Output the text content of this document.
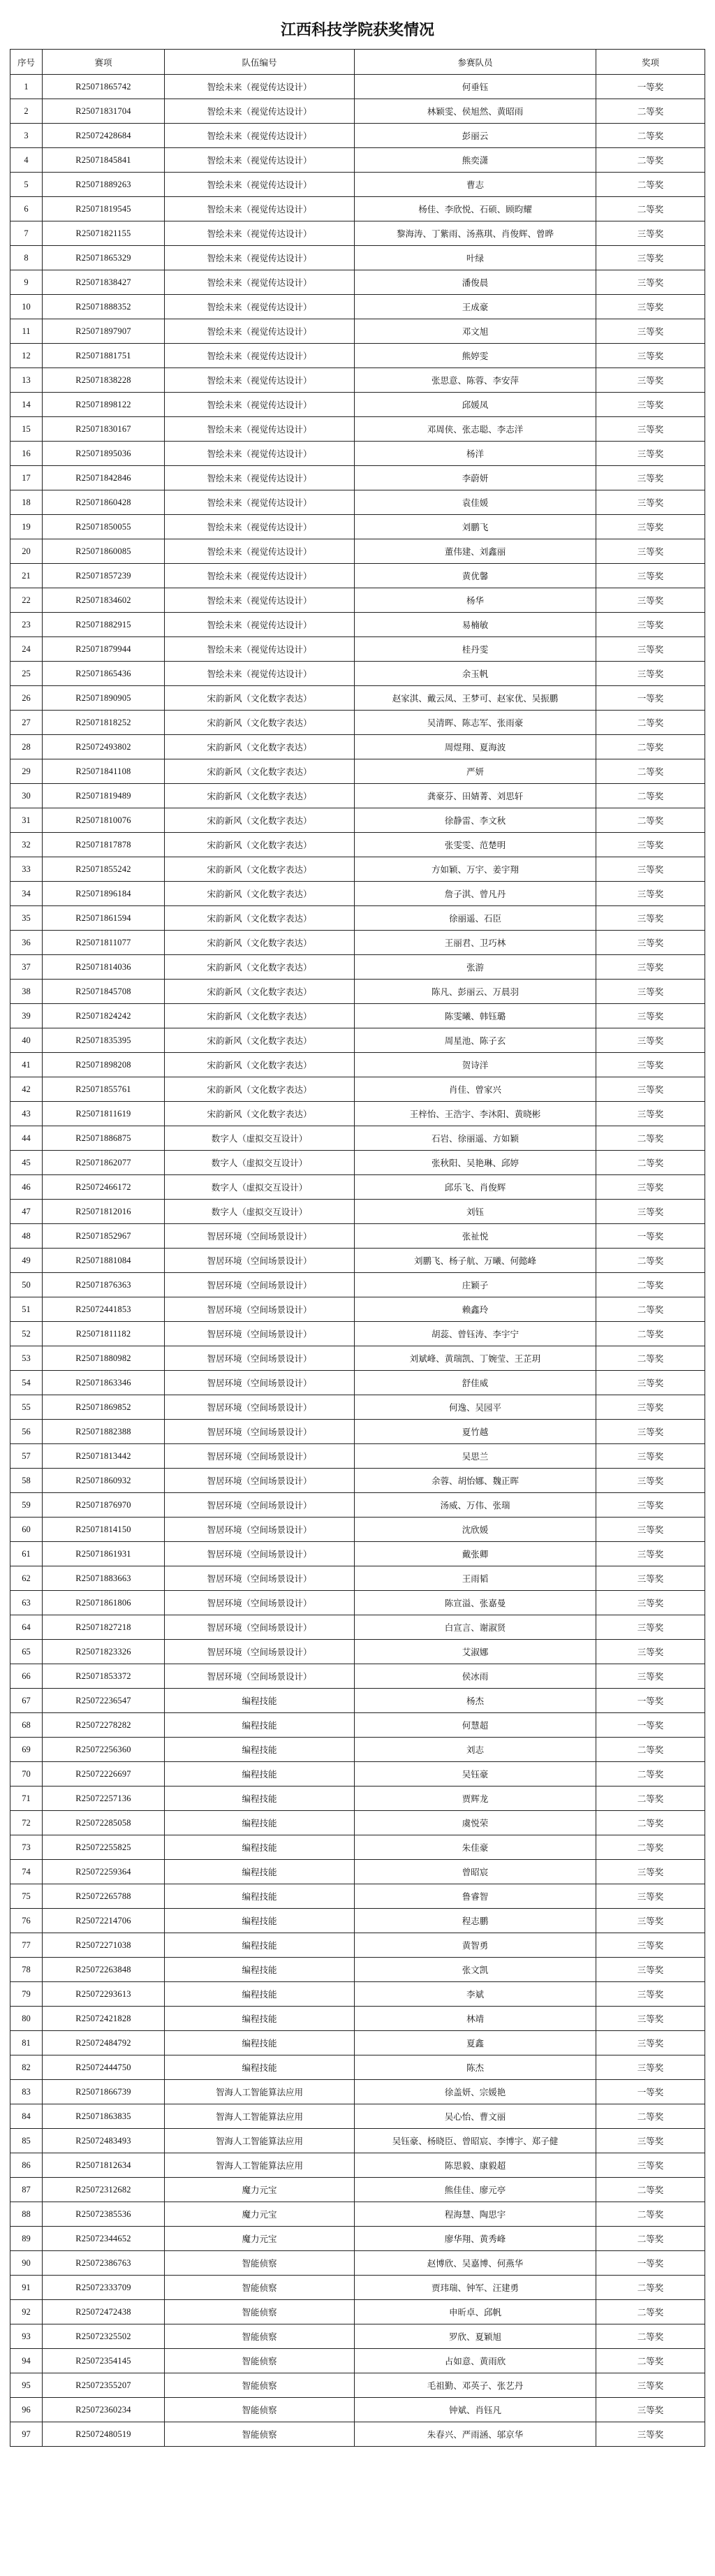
江西科技学院获奖情况
序号	赛项	队伍编号	参赛队员	奖项
1	R25071865742	智绘未来（视觉传达设计）	何垂钰	一等奖
2	R25071831704	智绘未来（视觉传达设计）	林颖雯、侯旭然、黄昭雨	二等奖
3	R25072428684	智绘未来（视觉传达设计）	彭丽云	二等奖
4	R25071845841	智绘未来（视觉传达设计）	熊奕潇	二等奖
5	R25071889263	智绘未来（视觉传达设计）	曹志	二等奖
6	R25071819545	智绘未来（视觉传达设计）	杨佳、李欣悦、石硕、顾昀耀	二等奖
7	R25071821155	智绘未来（视觉传达设计）	黎海涛、丁紫雨、汤燕琪、肖俊辉、曾晔	三等奖
8	R25071865329	智绘未来（视觉传达设计）	叶绿	三等奖
9	R25071838427	智绘未来（视觉传达设计）	潘俊晨	三等奖
10	R25071888352	智绘未来（视觉传达设计）	王成豪	三等奖
11	R25071897907	智绘未来（视觉传达设计）	邓文旭	三等奖
12	R25071881751	智绘未来（视觉传达设计）	熊婷雯	三等奖
13	R25071838228	智绘未来（视觉传达设计）	张思意、陈蓉、李安萍	三等奖
14	R25071898122	智绘未来（视觉传达设计）	邱媛凤	三等奖
15	R25071830167	智绘未来（视觉传达设计）	邓周侠、张志聪、李志洋	三等奖
16	R25071895036	智绘未来（视觉传达设计）	杨洋	三等奖
17	R25071842846	智绘未来（视觉传达设计）	李蔚妍	三等奖
18	R25071860428	智绘未来（视觉传达设计）	袁佳媛	三等奖
19	R25071850055	智绘未来（视觉传达设计）	刘鹏飞	三等奖
20	R25071860085	智绘未来（视觉传达设计）	董伟建、刘鑫丽	三等奖
21	R25071857239	智绘未来（视觉传达设计）	黄优馨	三等奖
22	R25071834602	智绘未来（视觉传达设计）	杨华	三等奖
23	R25071882915	智绘未来（视觉传达设计）	易楠敏	三等奖
24	R25071879944	智绘未来（视觉传达设计）	桂丹雯	三等奖
25	R25071865436	智绘未来（视觉传达设计）	余玉帆	三等奖
26	R25071890905	宋韵新风（文化数字表达）	赵家淇、戴云凤、王梦可、赵家优、吴振鹏	一等奖
27	R25071818252	宋韵新风（文化数字表达）	吴清晖、陈志军、张雨豪	二等奖
28	R25072493802	宋韵新风（文化数字表达）	周煜翔、夏海波	二等奖
29	R25071841108	宋韵新风（文化数字表达）	严妍	二等奖
30	R25071819489	宋韵新风（文化数字表达）	龚豪芬、田婧菁、刘思轩	二等奖
31	R25071810076	宋韵新风（文化数字表达）	徐静雷、李文秋	二等奖
32	R25071817878	宋韵新风（文化数字表达）	张雯雯、范楚明	三等奖
33	R25071855242	宋韵新风（文化数字表达）	方如颖、万宇、姜宇翔	三等奖
34	R25071896184	宋韵新风（文化数字表达）	詹子淇、曾凡丹	三等奖
35	R25071861594	宋韵新风（文化数字表达）	徐丽遥、石臣	三等奖
36	R25071811077	宋韵新风（文化数字表达）	王丽君、卫巧林	三等奖
37	R25071814036	宋韵新风（文化数字表达）	张游	三等奖
38	R25071845708	宋韵新风（文化数字表达）	陈凡、彭丽云、万晨羽	三等奖
39	R25071824242	宋韵新风（文化数字表达）	陈雯曦、韩钰璐	三等奖
40	R25071835395	宋韵新风（文化数字表达）	周星池、陈子玄	三等奖
41	R25071898208	宋韵新风（文化数字表达）	贺诗洋	三等奖
42	R25071855761	宋韵新风（文化数字表达）	肖佳、曾家兴	三等奖
43	R25071811619	宋韵新风（文化数字表达）	王梓怡、王浩宇、李沐阳、黄晓彬	三等奖
44	R25071886875	数字人（虚拟交互设计）	石岩、徐丽遥、方如颖	二等奖
45	R25071862077	数字人（虚拟交互设计）	张秋阳、吴艳琳、邱婷	二等奖
46	R25072466172	数字人（虚拟交互设计）	邱乐飞、肖俊辉	三等奖
47	R25071812016	数字人（虚拟交互设计）	刘钰	三等奖
48	R25071852967	智居环境（空间场景设计）	张祉悦	一等奖
49	R25071881084	智居环境（空间场景设计）	刘鹏飞、杨子航、万曦、何懿峰	二等奖
50	R25071876363	智居环境（空间场景设计）	庄颖子	二等奖
51	R25072441853	智居环境（空间场景设计）	赖鑫玲	二等奖
52	R25071811182	智居环境（空间场景设计）	胡蕊、曾钰涛、李宇宁	二等奖
53	R25071880982	智居环境（空间场景设计）	刘斌峰、黄瑞凯、丁婉莹、王芷玥	二等奖
54	R25071863346	智居环境（空间场景设计）	舒佳威	三等奖
55	R25071869852	智居环境（空间场景设计）	何逸、吴园平	三等奖
56	R25071882388	智居环境（空间场景设计）	夏竹越	三等奖
57	R25071813442	智居环境（空间场景设计）	吴思兰	三等奖
58	R25071860932	智居环境（空间场景设计）	余蓉、胡怡娜、魏正晖	三等奖
59	R25071876970	智居环境（空间场景设计）	汤威、万伟、张瑞	三等奖
60	R25071814150	智居环境（空间场景设计）	沈欣媛	三等奖
61	R25071861931	智居环境（空间场景设计）	戴张卿	三等奖
62	R25071883663	智居环境（空间场景设计）	王雨韬	三等奖
63	R25071861806	智居环境（空间场景设计）	陈宣溢、张嘉曼	三等奖
64	R25071827218	智居环境（空间场景设计）	白宣言、谢淑贤	三等奖
65	R25071823326	智居环境（空间场景设计）	艾淑娜	三等奖
66	R25071853372	智居环境（空间场景设计）	侯冰雨	三等奖
67	R25072236547	编程技能	杨杰	一等奖
68	R25072278282	编程技能	何慧超	一等奖
69	R25072256360	编程技能	刘志	二等奖
70	R25072226697	编程技能	吴钰豪	二等奖
71	R25072257136	编程技能	贾辉龙	二等奖
72	R25072285058	编程技能	虞悦荣	二等奖
73	R25072255825	编程技能	朱佳豪	二等奖
74	R25072259364	编程技能	曾昭宸	三等奖
75	R25072265788	编程技能	鲁睿智	三等奖
76	R25072214706	编程技能	程志鹏	三等奖
77	R25072271038	编程技能	黄智勇	三等奖
78	R25072263848	编程技能	张文凯	三等奖
79	R25072293613	编程技能	李斌	三等奖
80	R25072421828	编程技能	林靖	三等奖
81	R25072484792	编程技能	夏鑫	三等奖
82	R25072444750	编程技能	陈杰	三等奖
83	R25071866739	智海人工智能算法应用	徐盖妍、宗媛艳	一等奖
84	R25071863835	智海人工智能算法应用	吴心怡、曹文丽	二等奖
85	R25072483493	智海人工智能算法应用	吴钰豪、杨晓臣、曾昭宸、李博宇、郑子健	三等奖
86	R25071812634	智海人工智能算法应用	陈思毅、康毅超	三等奖
87	R25072312682	魔力元宝	熊佳佳、廖元亭	二等奖
88	R25072385536	魔力元宝	程海慧、陶思宇	二等奖
89	R25072344652	魔力元宝	廖华翔、黄秀峰	二等奖
90	R25072386763	智能侦察	赵博欣、吴嘉博、何燕华	一等奖
91	R25072333709	智能侦察	贾玮瑞、钟军、汪建勇	二等奖
92	R25072472438	智能侦察	申昕卓、邱帆	二等奖
93	R25072325502	智能侦察	罗欣、夏颖旭	二等奖
94	R25072354145	智能侦察	占如意、黄雨欣	二等奖
95	R25072355207	智能侦察	毛祖勤、邓英子、张艺丹	三等奖
96	R25072360234	智能侦察	钟斌、肖钰凡	三等奖
97	R25072480519	智能侦察	朱春兴、严雨涵、邬京华	三等奖
